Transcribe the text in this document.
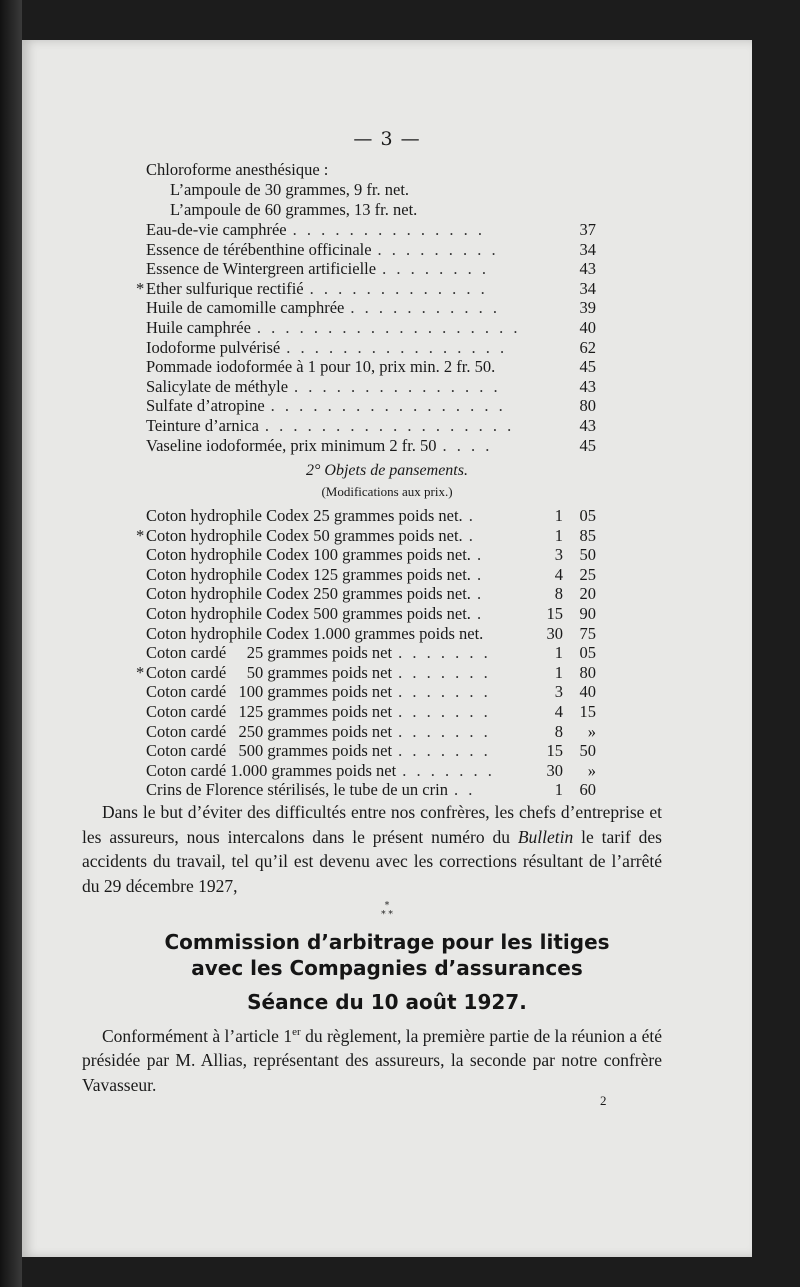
— 3 —
Chloroforme anesthésique :
L’ampoule de 30 grammes, 9 fr. net.
L’ampoule de 60 grammes, 13 fr. net.
Eau-de-vie camphrée . . . . . . . . . . . . . .	37
Essence de térébenthine officinale . . . . . . . . .	34
Essence de Wintergreen artificielle . . . . . . . .	43
* Ether sulfurique rectifié . . . . . . . . . . . . .	34
Huile de camomille camphrée . . . . . . . . . . .	39
Huile camphrée . . . . . . . . . . . . . . . . . . .	40
Iodoforme pulvérisé . . . . . . . . . . . . . . . .	62
Pommade iodoformée à 1 pour 10, prix min. 2 fr. 50.	45
Salicylate de méthyle . . . . . . . . . . . . . . .	43
Sulfate d’atropine . . . . . . . . . . . . . . . . .	80
Teinture d’arnica . . . . . . . . . . . . . . . . . .	43
Vaseline iodoformée, prix minimum 2 fr. 50 . . . .	45
Coton hydrophile Codex 25 grammes poids net. .	1	05
* Coton hydrophile Codex 50 grammes poids net. .	1	85
Coton hydrophile Codex 100 grammes poids net. .	3	50
Coton hydrophile Codex 125 grammes poids net. .	4	25
Coton hydrophile Codex 250 grammes poids net. .	8	20
Coton hydrophile Codex 500 grammes poids net. .	15	90
Coton hydrophile Codex 1.000 grammes poids net.	30	75
Coton cardé     25 grammes poids net . . . . . . .	1	05
* Coton cardé     50 grammes poids net . . . . . . .	1	80
Coton cardé   100 grammes poids net . . . . . . .	3	40
Coton cardé   125 grammes poids net . . . . . . .	4	15
Coton cardé   250 grammes poids net . . . . . . .	8	»
Coton cardé   500 grammes poids net . . . . . . .	15	50
Coton cardé 1.000 grammes poids net . . . . . . .	30	»
Crins de Florence stérilisés, le tube de un crin . .	1	60
2° Objets de pansements.
(Modifications aux prix.)
Dans le but d’éviter des difficultés entre nos confrères, les chefs d’entreprise et les assureurs, nous intercalons dans le présent numéro du Bulletin le tarif des accidents du travail, tel qu’il est devenu avec les corrections résultant de l’arrêté du 29 décembre 1927,
*
* *
Commission d’arbitrage pour les litiges
avec les Compagnies d’assurances
Séance du 10 août 1927.
Conformément à l’article 1er du règlement, la première partie de la réunion a été présidée par M. Allias, représentant des assureurs, la seconde par notre confrère Vavasseur.
2
